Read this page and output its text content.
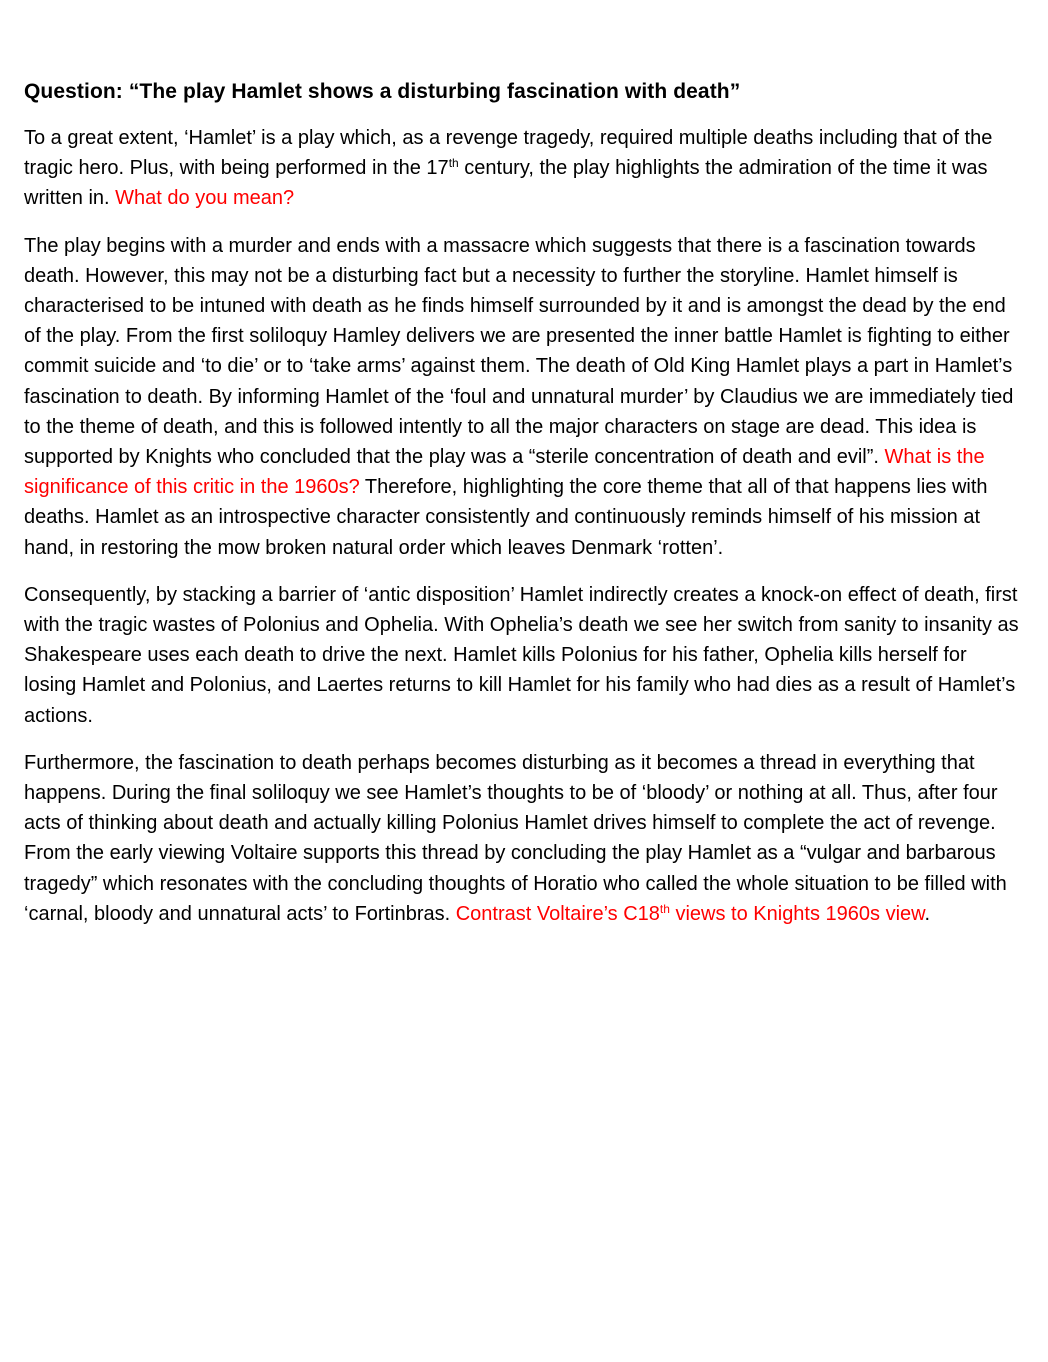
Question: “The play Hamlet shows a disturbing fascination with death”

To a great extent, ‘Hamlet’ is a play which, as a revenge tragedy, required multiple deaths including that of the tragic hero. Plus, with being performed in the 17th century, the play highlights the admiration of the time it was written in. What do you mean?

The play begins with a murder and ends with a massacre which suggests that there is a fascination towards death. However, this may not be a disturbing fact but a necessity to further the storyline. Hamlet himself is characterised to be intuned with death as he finds himself surrounded by it and is amongst the dead by the end of the play. From the first soliloquy Hamley delivers we are presented the inner battle Hamlet is fighting to either commit suicide and ‘to die’ or to ‘take arms’ against them. The death of Old King Hamlet plays a part in Hamlet’s fascination to death. By informing Hamlet of the ‘foul and unnatural murder’ by Claudius we are immediately tied to the theme of death, and this is followed intently to all the major characters on stage are dead. This idea is supported by Knights who concluded that the play was a “sterile concentration of death and evil”. What is the significance of this critic in the 1960s? Therefore, highlighting the core theme that all of that happens lies with deaths. Hamlet as an introspective character consistently and continuously reminds himself of his mission at hand, in restoring the mow broken natural order which leaves Denmark ‘rotten’.

Consequently, by stacking a barrier of ‘antic disposition’ Hamlet indirectly creates a knock-on effect of death, first with the tragic wastes of Polonius and Ophelia. With Ophelia’s death we see her switch from sanity to insanity as Shakespeare uses each death to drive the next. Hamlet kills Polonius for his father, Ophelia kills herself for losing Hamlet and Polonius, and Laertes returns to kill Hamlet for his family who had dies as a result of Hamlet’s actions.

Furthermore, the fascination to death perhaps becomes disturbing as it becomes a thread in everything that happens. During the final soliloquy we see Hamlet’s thoughts to be of ‘bloody’ or nothing at all. Thus, after four acts of thinking about death and actually killing Polonius Hamlet drives himself to complete the act of revenge. From the early viewing Voltaire supports this thread by concluding the play Hamlet as a “vulgar and barbarous tragedy” which resonates with the concluding thoughts of Horatio who called the whole situation to be filled with ‘carnal, bloody and unnatural acts’ to Fortinbras. Contrast Voltaire’s C18th views to Knights 1960s view.
